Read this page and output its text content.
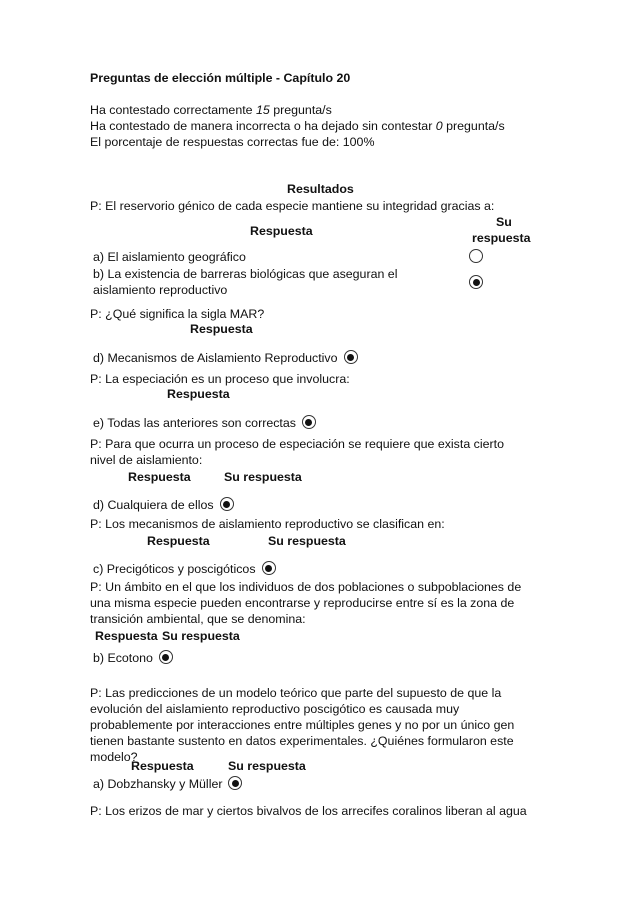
Preguntas de elección múltiple - Capítulo 20
Ha contestado correctamente 15 pregunta/s
Ha contestado de manera incorrecta o ha dejado sin contestar 0 pregunta/s
El porcentaje de respuestas correctas fue de: 100%
Resultados
P: El reservorio génico de cada especie mantiene su integridad gracias a:
Respuesta
Su
respuesta
a) El aislamiento geográfico
b) La existencia de barreras biológicas que aseguran el
aislamiento reproductivo
P: ¿Qué significa la sigla MAR?
Respuesta
d) Mecanismos de Aislamiento Reproductivo
P: La especiación es un proceso que involucra:
Respuesta
e) Todas las anteriores son correctas
P: Para que ocurra un proceso de especiación se requiere que exista cierto
nivel de aislamiento:
Respuesta	Su respuesta
d) Cualquiera de ellos
P: Los mecanismos de aislamiento reproductivo se clasifican en:
Respuesta	Su respuesta
c) Precigóticos y poscigóticos
P: Un ámbito en el que los individuos de dos poblaciones o subpoblaciones de
una misma especie pueden encontrarse y reproducirse entre sí es la zona de
transición ambiental, que se denomina:
Respuesta Su respuesta
b) Ecotono
P: Las predicciones de un modelo teórico que parte del supuesto de que la
evolución del aislamiento reproductivo poscigótico es causada muy
probablemente por interacciones entre múltiples genes y no por un único gen
tienen bastante sustento en datos experimentales. ¿Quiénes formularon este
modelo?
Respuesta	Su respuesta
a) Dobzhansky y Müller
P: Los erizos de mar y ciertos bivalvos de los arrecifes coralinos liberan al agua
